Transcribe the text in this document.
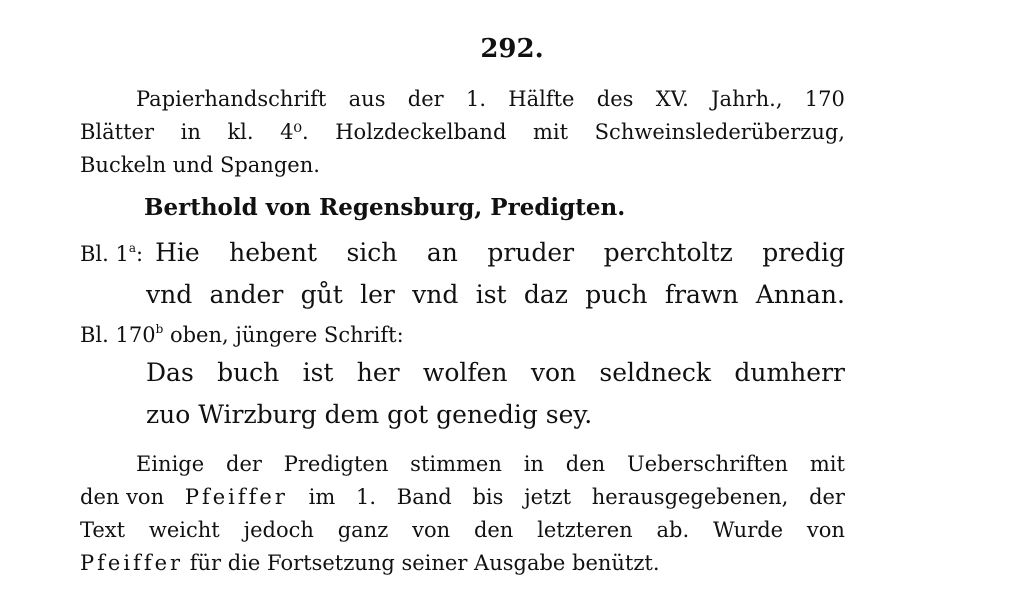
292.
Papierhandschrift aus der 1. Hälfte des XV. Jahrh., 170
Blätter in kl. 4⁰. Holzdeckelband mit Schweinslederüberzug,
Buckeln und Spangen.
Berthold von Regensburg, Predigten.
Bl. 1$^a$: Hie hebent sich an pruder perchtoltz predig
vnd ander gůt ler vnd ist daz puch frawn Annan.
Bl. 170$^b$ oben, jüngere Schrift:
Das buch ist her wolfen von seldneck dumherr
zuo Wirzburg dem got genedig sey.
Einige der Predigten stimmen in den Ueberschriften mit
den von Pfeiffer im 1. Band bis jetzt herausgegebenen, der
Text weicht jedoch ganz von den letzteren ab. Wurde von
Pfeiffer für die Fortsetzung seiner Ausgabe benützt.
